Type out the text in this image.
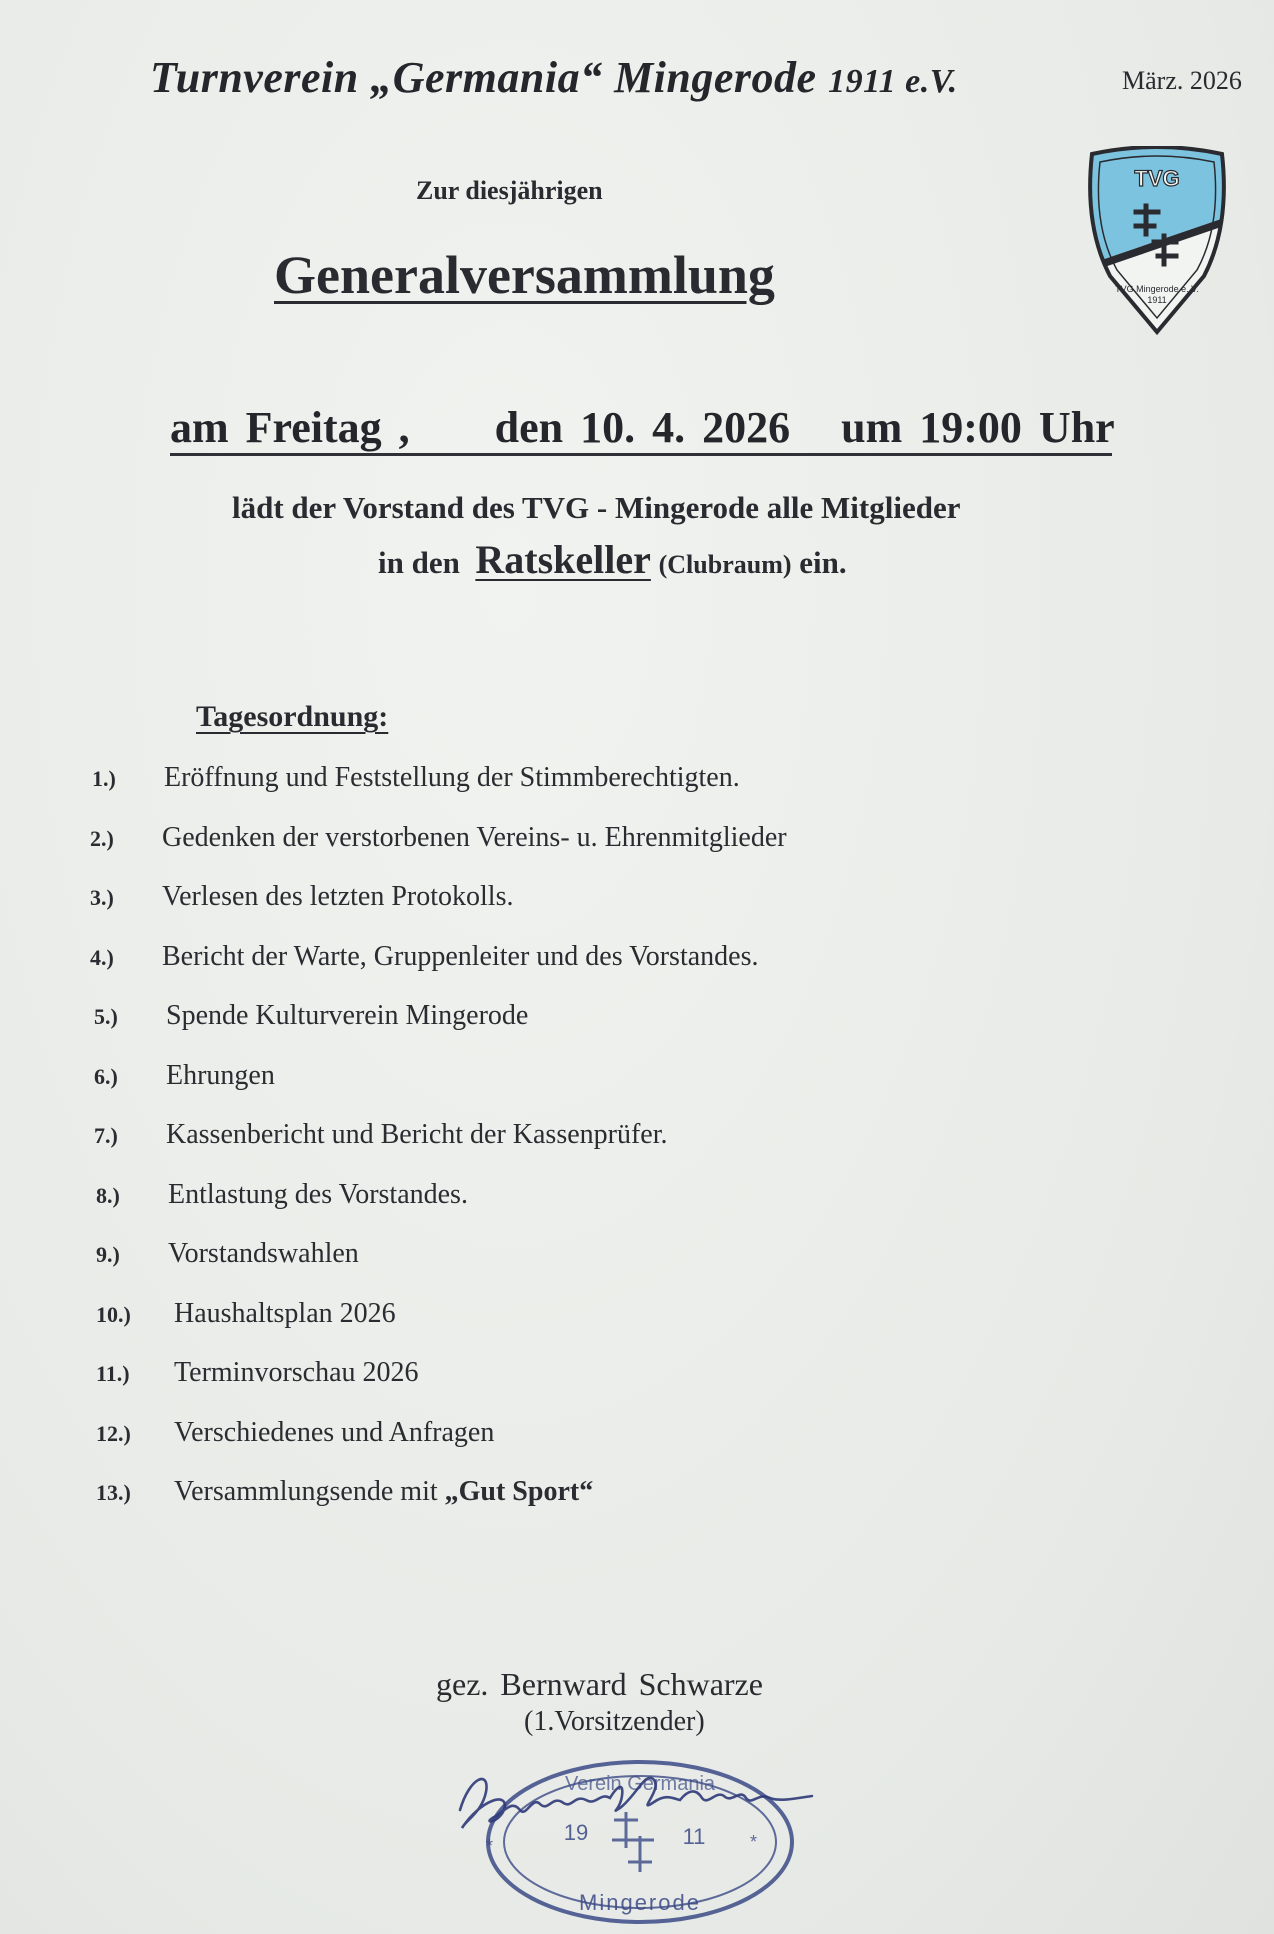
Turnverein „Germania“ Mingerode 1911 e.V.	März. 2026
TVG
TVG Mingerode e. V.
1911
Zur diesjährigen
Generalversammlung
am Freitag , den 10. 4. 2026 um 19:00 Uhr
lädt der Vorstand des TVG - Mingerode alle Mitglieder
in den Ratskeller (Clubraum) ein.
Tagesordnung:
1.)	Eröffnung und Feststellung der Stimmberechtigten.
2.)	Gedenken der verstorbenen Vereins- u. Ehrenmitglieder
3.)	Verlesen des letzten Protokolls.
4.)	Bericht der Warte, Gruppenleiter und des Vorstandes.
5.)	Spende Kulturverein Mingerode
6.)	Ehrungen
7.)	Kassenbericht und Bericht der Kassenprüfer.
8.)	Entlastung des Vorstandes.
9.)	Vorstandswahlen
10.)	Haushaltsplan 2026
11.)	Terminvorschau 2026
12.)	Verschiedenes und Anfragen
13.)	Versammlungsende mit „Gut Sport“
gez. Bernward Schwarze
(1.Vorsitzender)
Verein Germania
19	11
*	*
Mingerode
